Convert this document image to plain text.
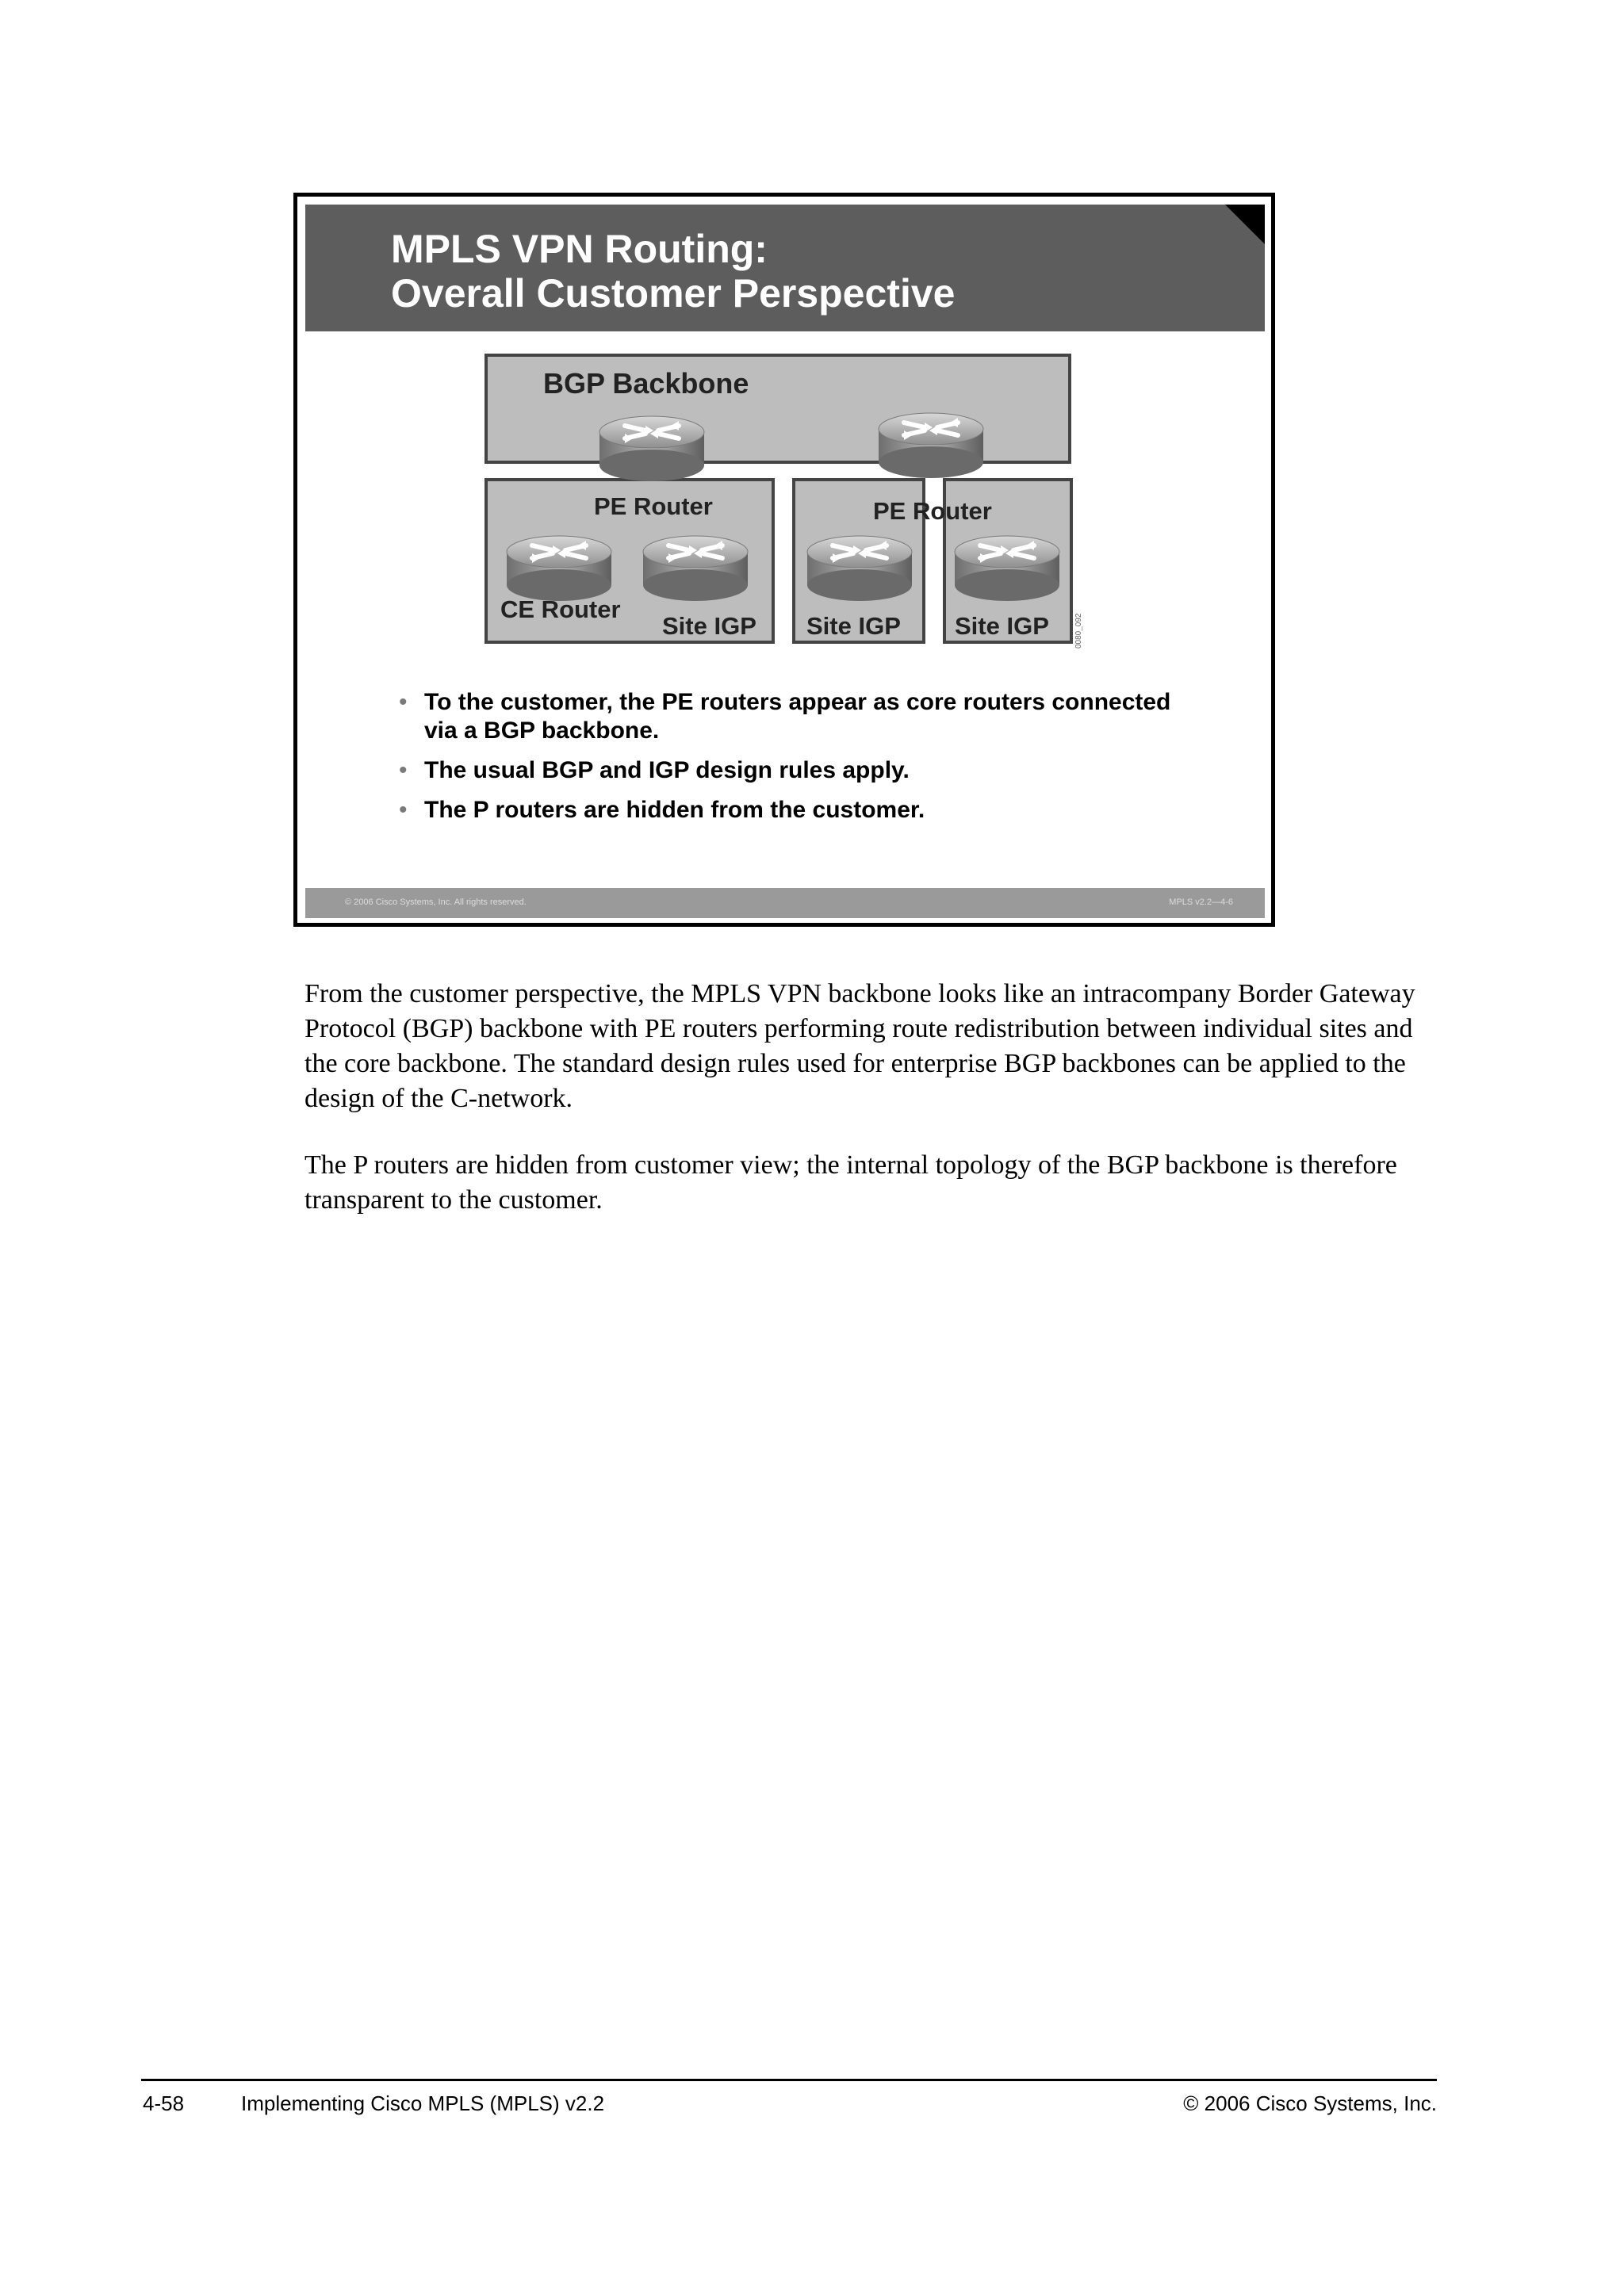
MPLS VPN Routing:
Overall Customer Perspective
BGP Backbone
PE Router	PE Router
CE Router
Site IGP Site IGP Site IGP	0080_092
• To the customer, the PE routers appear as core routers connected via a BGP backbone.
• The usual BGP and IGP design rules apply.
• The P routers are hidden from the customer.
© 2006 Cisco Systems, Inc. All rights reserved.	MPLS v2.2—4-6

From the customer perspective, the MPLS VPN backbone looks like an intracompany Border Gateway Protocol (BGP) backbone with PE routers performing route redistribution between individual sites and the core backbone. The standard design rules used for enterprise BGP backbones can be applied to the design of the C-network.

The P routers are hidden from customer view; the internal topology of the BGP backbone is therefore transparent to the customer.

4-58	Implementing Cisco MPLS (MPLS) v2.2	© 2006 Cisco Systems, Inc.
